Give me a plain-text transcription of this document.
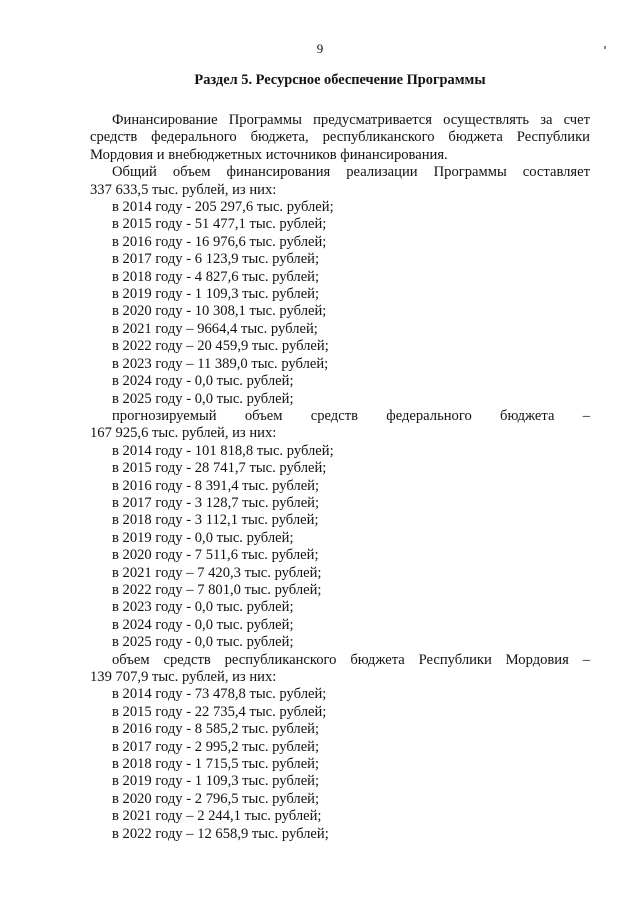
9
Раздел 5. Ресурсное обеспечение Программы

Финансирование Программы предусматривается осуществлять за счет средств федерального бюджета, республиканского бюджета Республики Мордовия и внебюджетных источников финансирования.

Общий объем финансирования реализации Программы составляет
337 633,5 тыс. рублей, из них:
в 2014 году - 205 297,6 тыс. рублей;
в 2015 году - 51 477,1 тыс. рублей;
в 2016 году - 16 976,6 тыс. рублей;
в 2017 году - 6 123,9 тыс. рублей;
в 2018 году - 4 827,6 тыс. рублей;
в 2019 году - 1 109,3 тыс. рублей;
в 2020 году - 10 308,1 тыс. рублей;
в 2021 году – 9664,4 тыс. рублей;
в 2022 году – 20 459,9 тыс. рублей;
в 2023 году – 11 389,0 тыс. рублей;
в 2024 году - 0,0 тыс. рублей;
в 2025 году - 0,0 тыс. рублей;
прогнозируемый объем средств федерального бюджета –
167 925,6 тыс. рублей, из них:
в 2014 году - 101 818,8 тыс. рублей;
в 2015 году - 28 741,7 тыс. рублей;
в 2016 году - 8 391,4 тыс. рублей;
в 2017 году - 3 128,7 тыс. рублей;
в 2018 году - 3 112,1 тыс. рублей;
в 2019 году - 0,0 тыс. рублей;
в 2020 году - 7 511,6 тыс. рублей;
в 2021 году – 7 420,3 тыс. рублей;
в 2022 году – 7 801,0 тыс. рублей;
в 2023 году - 0,0 тыс. рублей;
в 2024 году - 0,0 тыс. рублей;
в 2025 году - 0,0 тыс. рублей;
объем средств республиканского бюджета Республики Мордовия –
139 707,9 тыс. рублей, из них:
в 2014 году - 73 478,8 тыс. рублей;
в 2015 году - 22 735,4 тыс. рублей;
в 2016 году - 8 585,2 тыс. рублей;
в 2017 году - 2 995,2 тыс. рублей;
в 2018 году - 1 715,5 тыс. рублей;
в 2019 году - 1 109,3 тыс. рублей;
в 2020 году - 2 796,5 тыс. рублей;
в 2021 году – 2 244,1 тыс. рублей;
в 2022 году – 12 658,9 тыс. рублей;
